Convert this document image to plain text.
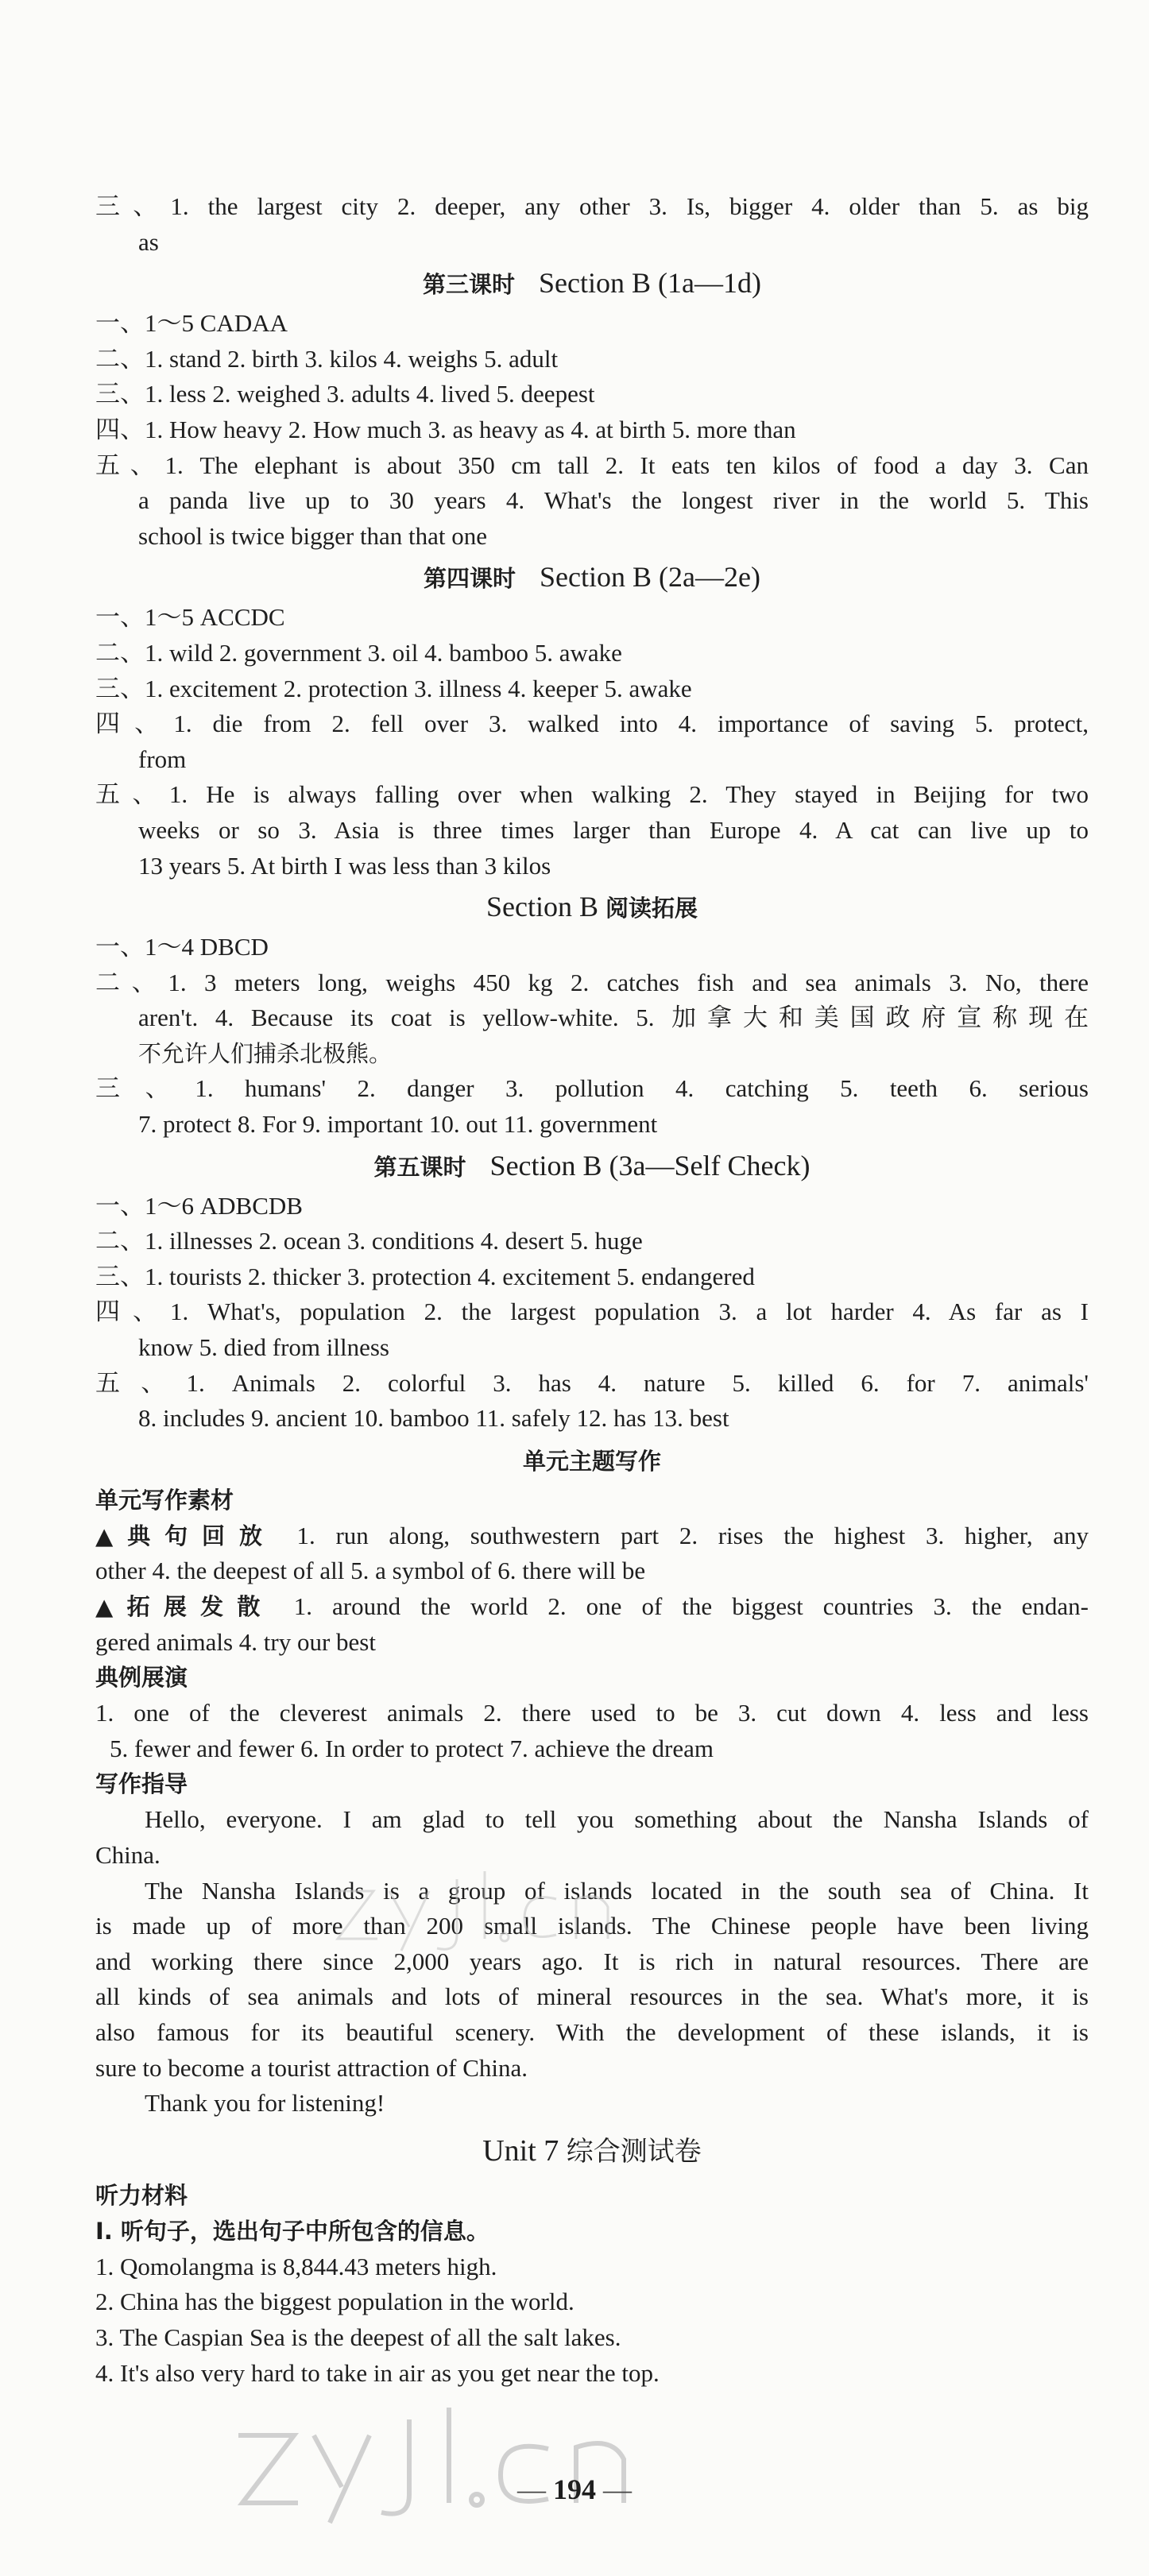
三、1. the largest city 2. deeper, any other 3. Is, bigger 4. older than 5. as big

as

第三课时 Section B (1a—1d)

一、1～5 CADAA

二、1. stand 2. birth 3. kilos 4. weighs 5. adult

三、1. less 2. weighed 3. adults 4. lived 5. deepest

四、1. How heavy 2. How much 3. as heavy as 4. at birth 5. more than

五、1. The elephant is about 350 cm tall 2. It eats ten kilos of food a day 3. Can

a panda live up to 30 years 4. What's the longest river in the world 5. This

school is twice bigger than that one

第四课时 Section B (2a—2e)

一、1～5 ACCDC

二、1. wild 2. government 3. oil 4. bamboo 5. awake

三、1. excitement 2. protection 3. illness 4. keeper 5. awake

四、1. die from 2. fell over 3. walked into 4. importance of saving 5. protect,

from

五、1. He is always falling over when walking 2. They stayed in Beijing for two

weeks or so 3. Asia is three times larger than Europe 4. A cat can live up to

13 years 5. At birth I was less than 3 kilos

Section B 阅读拓展

一、1～4 DBCD

二、1. 3 meters long, weighs 450 kg 2. catches fish and sea animals 3. No, there

aren't. 4. Because its coat is yellow-white. 5. 加拿大和美国政府宣称现在

不允许人们捕杀北极熊。

三、1. humans' 2. danger 3. pollution 4. catching 5. teeth 6. serious

7. protect 8. For 9. important 10. out 11. government

第五课时 Section B (3a—Self Check)

一、1～6 ADBCDB

二、1. illnesses 2. ocean 3. conditions 4. desert 5. huge

三、1. tourists 2. thicker 3. protection 4. excitement 5. endangered

四、1. What's, population 2. the largest population 3. a lot harder 4. As far as I

know 5. died from illness

五、1. Animals 2. colorful 3. has 4. nature 5. killed 6. for 7. animals'

8. includes 9. ancient 10. bamboo 11. safely 12. has 13. best

单元主题写作

单元写作素材

▲典句回放 1. run along, southwestern part 2. rises the highest 3. higher, any

other 4. the deepest of all 5. a symbol of 6. there will be

▲拓展发散 1. around the world 2. one of the biggest countries 3. the endan-

gered animals 4. try our best

典例展演

1. one of the cleverest animals 2. there used to be 3. cut down 4. less and less

5. fewer and fewer 6. In order to protect 7. achieve the dream

写作指导

Hello, everyone. I am glad to tell you something about the Nansha Islands of

China.

The Nansha Islands is a group of islands located in the south sea of China. It

is made up of more than 200 small islands. The Chinese people have been living

and working there since 2,000 years ago. It is rich in natural resources. There are

all kinds of sea animals and lots of mineral resources in the sea. What's more, it is

also famous for its beautiful scenery. With the development of these islands, it is

sure to become a tourist attraction of China.

Thank you for listening!

Unit 7 综合测试卷

听力材料

Ⅰ. 听句子，选出句子中所包含的信息。

1. Qomolangma is 8,844.43 meters high.

2. China has the biggest population in the world.

3. The Caspian Sea is the deepest of all the salt lakes.

4. It's also very hard to take in air as you get near the top.

— 194 —
